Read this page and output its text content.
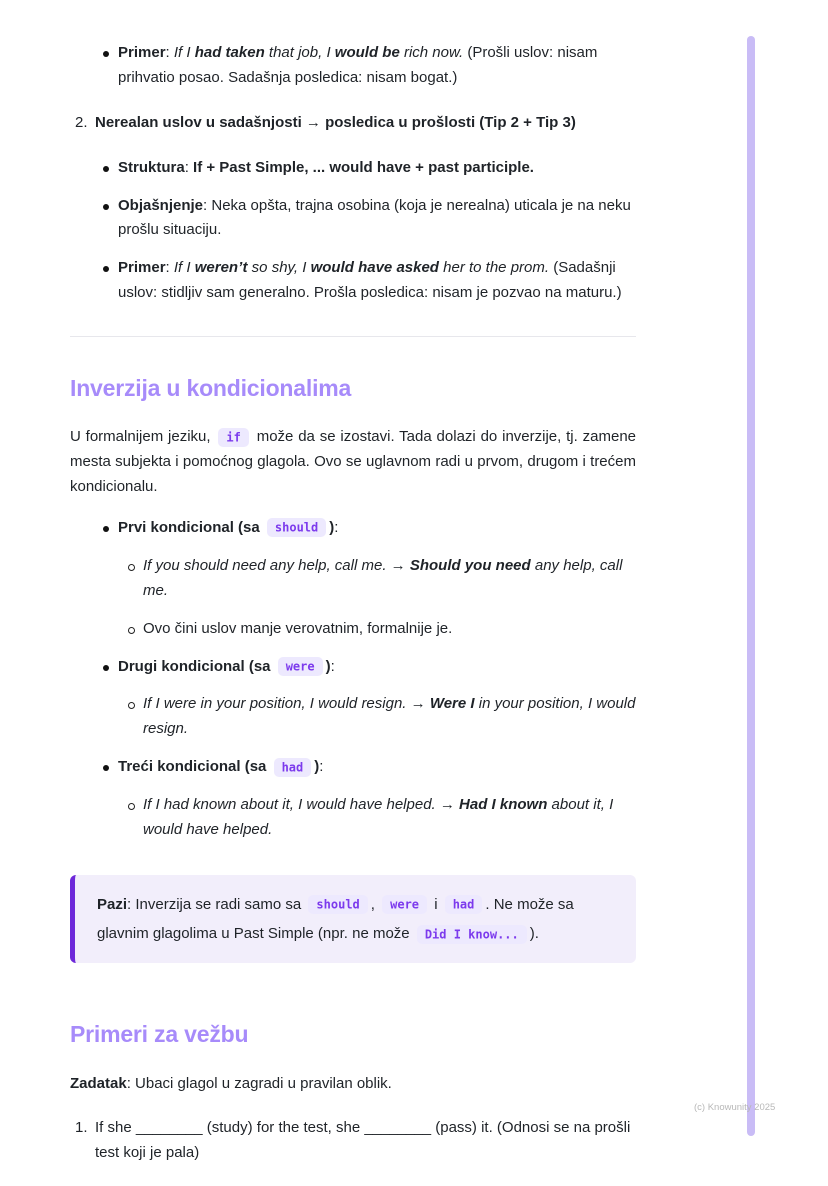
Primer: If I had taken that job, I would be rich now. (Prošli uslov: nisam prihvatio posao. Sadašnja posledica: nisam bogat.)
2. Nerealan uslov u sadašnjosti → posledica u prošlosti (Tip 2 + Tip 3)
Struktura: If + Past Simple, ... would have + past participle.
Objašnjenje: Neka opšta, trajna osobina (koja je nerealna) uticala je na neku prošlu situaciju.
Primer: If I weren’t so shy, I would have asked her to the prom. (Sadašnji uslov: stidljiv sam generalno. Prošla posledica: nisam je pozvao na maturu.)
Inverzija u kondicionalima

U formalnijem jeziku, if može da se izostavi. Tada dolazi do inverzije, tj. zamene mesta subjekta i pomoćnog glagola. Ovo se uglavnom radi u prvom, drugom i trećem kondicionalu.

Prvi kondicional (sa should ):
If you should need any help, call me. → Should you need any help, call me.
Ovo čini uslov manje verovatnim, formalnije je.
Drugi kondicional (sa were ):
If I were in your position, I would resign. → Were I in your position, I would resign.
Treći kondicional (sa had ):
If I had known about it, I would have helped. → Had I known about it, I would have helped.
Pazi: Inverzija se radi samo sa should , were i had . Ne može sa glavnim glagolima u Past Simple (npr. ne može Did I know... ).
Primeri za vežbu

Zadatak: Ubaci glagol u zagradi u pravilan oblik.

1. If she ________ (study) for the test, she ________ (pass) it. (Odnosi se na prošli test koji je pala)
(c) Knowunity 2025
